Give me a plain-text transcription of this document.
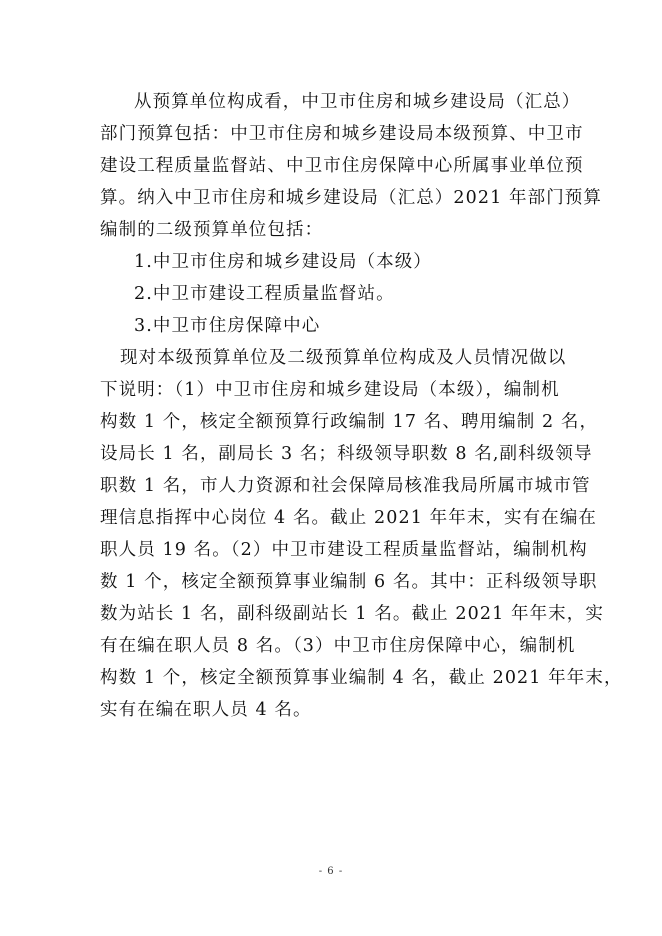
从预算单位构成看，中卫市住房和城乡建设局（汇总）
部门预算包括：中卫市住房和城乡建设局本级预算、中卫市
建设工程质量监督站、中卫市住房保障中心所属事业单位预
算。纳入中卫市住房和城乡建设局（汇总）2021 年部门预算
编制的二级预算单位包括：
1.中卫市住房和城乡建设局（本级）
2.中卫市建设工程质量监督站。
3.中卫市住房保障中心
现对本级预算单位及二级预算单位构成及人员情况做以
下说明：（1）中卫市住房和城乡建设局（本级），编制机
构数 1 个，核定全额预算行政编制 17 名、聘用编制 2 名，
设局长 1 名，副局长 3 名；科级领导职数 8 名,副科级领导
职数 1 名，市人力资源和社会保障局核准我局所属市城市管
理信息指挥中心岗位 4 名。截止 2021 年年末，实有在编在
职人员 19 名。（2）中卫市建设工程质量监督站，编制机构
数 1 个，核定全额预算事业编制 6 名。其中：正科级领导职
数为站长 1 名，副科级副站长 1 名。截止 2021 年年末，实
有在编在职人员 8 名。（3）中卫市住房保障中心，编制机
构数 1 个，核定全额预算事业编制 4 名，截止 2021 年年末，
实有在编在职人员 4 名。
- 6 -
